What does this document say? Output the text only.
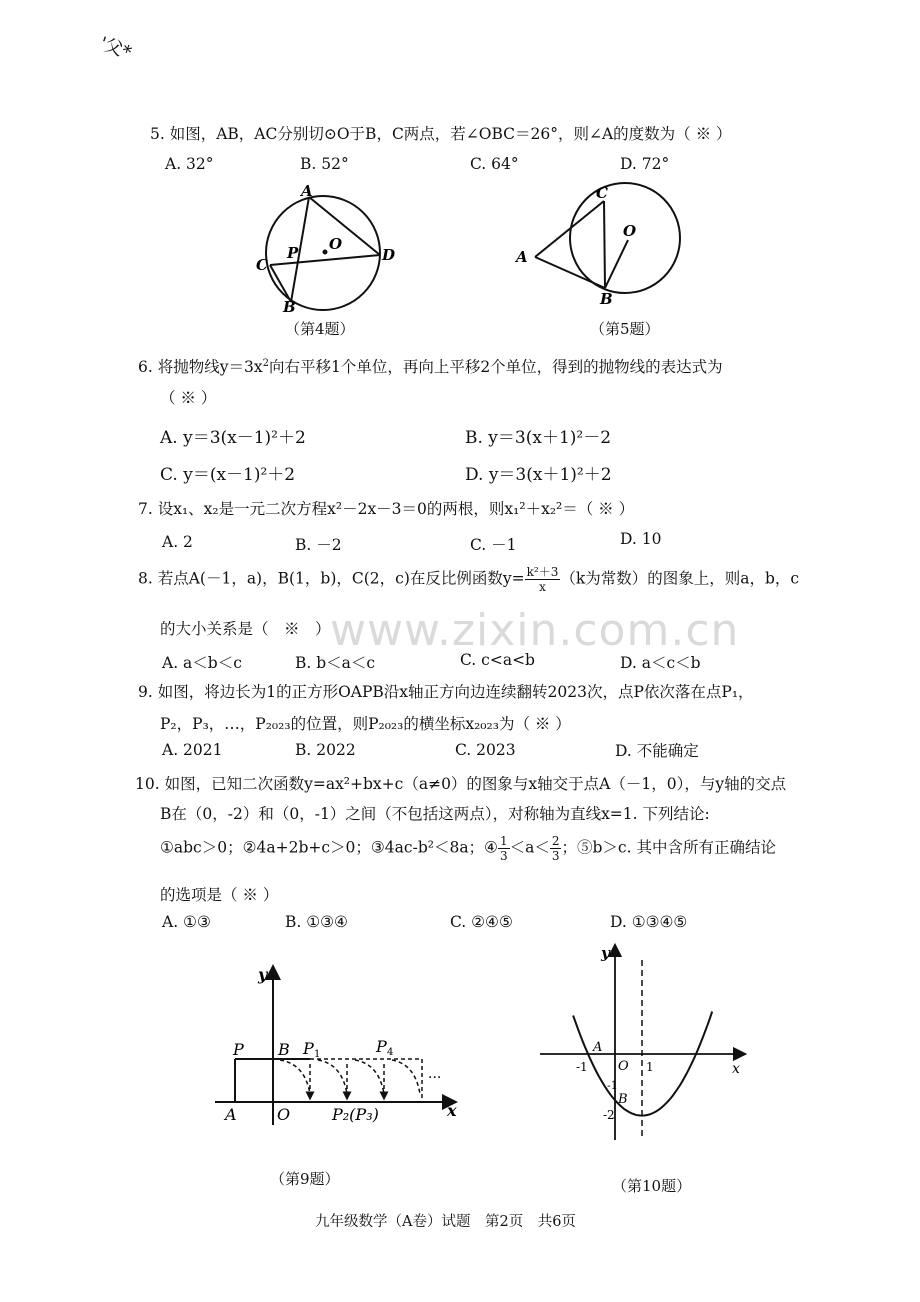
'父*
www.zixin.com.cn
5. 如图，AB，AC分别切⊙O于B，C两点，若∠OBC＝26°，则∠A的度数为（ ※ ）
A. 32°	B. 52°	C. 64°	D. 72°
A
B
C
D
P O
（第4题）
C
O
A
B
（第5题）
6. 将抛物线$y=3x^2$向右平移1个单位，再向上平移2个单位，得到的抛物线的表达式为
（ ※ ）
A. y＝3(x－1)²＋2	B. y＝3(x＋1)²－2
C. y＝(x－1)²＋2	D. y＝3(x＋1)²＋2
7. 设x₁、x₂是一元二次方程x²－2x－3＝0的两根，则x₁²＋x₂²＝（ ※ ）
A. 2	B. －2	C. －1	D. 10
8. 若点A(－1，a)，B(1，b)，C(2，c)在反比例函数$y= \frac{\text{k²＋3}}{x} (k$为常数）的图象上，则a，b，c
的大小关系是（　※　）
A. a＜b＜c	B. b＜a＜c	C. c<a<b	D. a＜c＜b
9. 如图，将边长为1的正方形OAPB沿x轴正方向边连续翻转2023次，点P依次落在点P₁，
P₂，P₃，…，P₂₀₂₃的位置，则P₂₀₂₃的横坐标x₂₀₂₃为（ ※ ）
A. 2021	B. 2022	C. 2023	D. 不能确定
10. 如图，已知二次函数y=ax²+bx+c（a≠0）的图象与x轴交于点A（－1，0），与y轴的交点
B在（0，-2）和（0，-1）之间（不包括这两点），对称轴为直线x=1. 下列结论:
①abc＞0；②4a+2b+c＞0；③4ac-b²＜8a；④ $\frac{1}{3} <a< \frac{2}{3}$ ；⑤b＞c. 其中含所有正确结论
的选项是（ ※ ）
A. ①③	B. ①③④	C. ②④⑤	D. ①③④⑤
y
x
P B
A	O
P 1	P 4
P₂(P₃)
···
（第9题）
y
x
A
O
B
-1	1
-1
-2
（第10题）
九年级数学（A卷）试题　第2页　共6页
